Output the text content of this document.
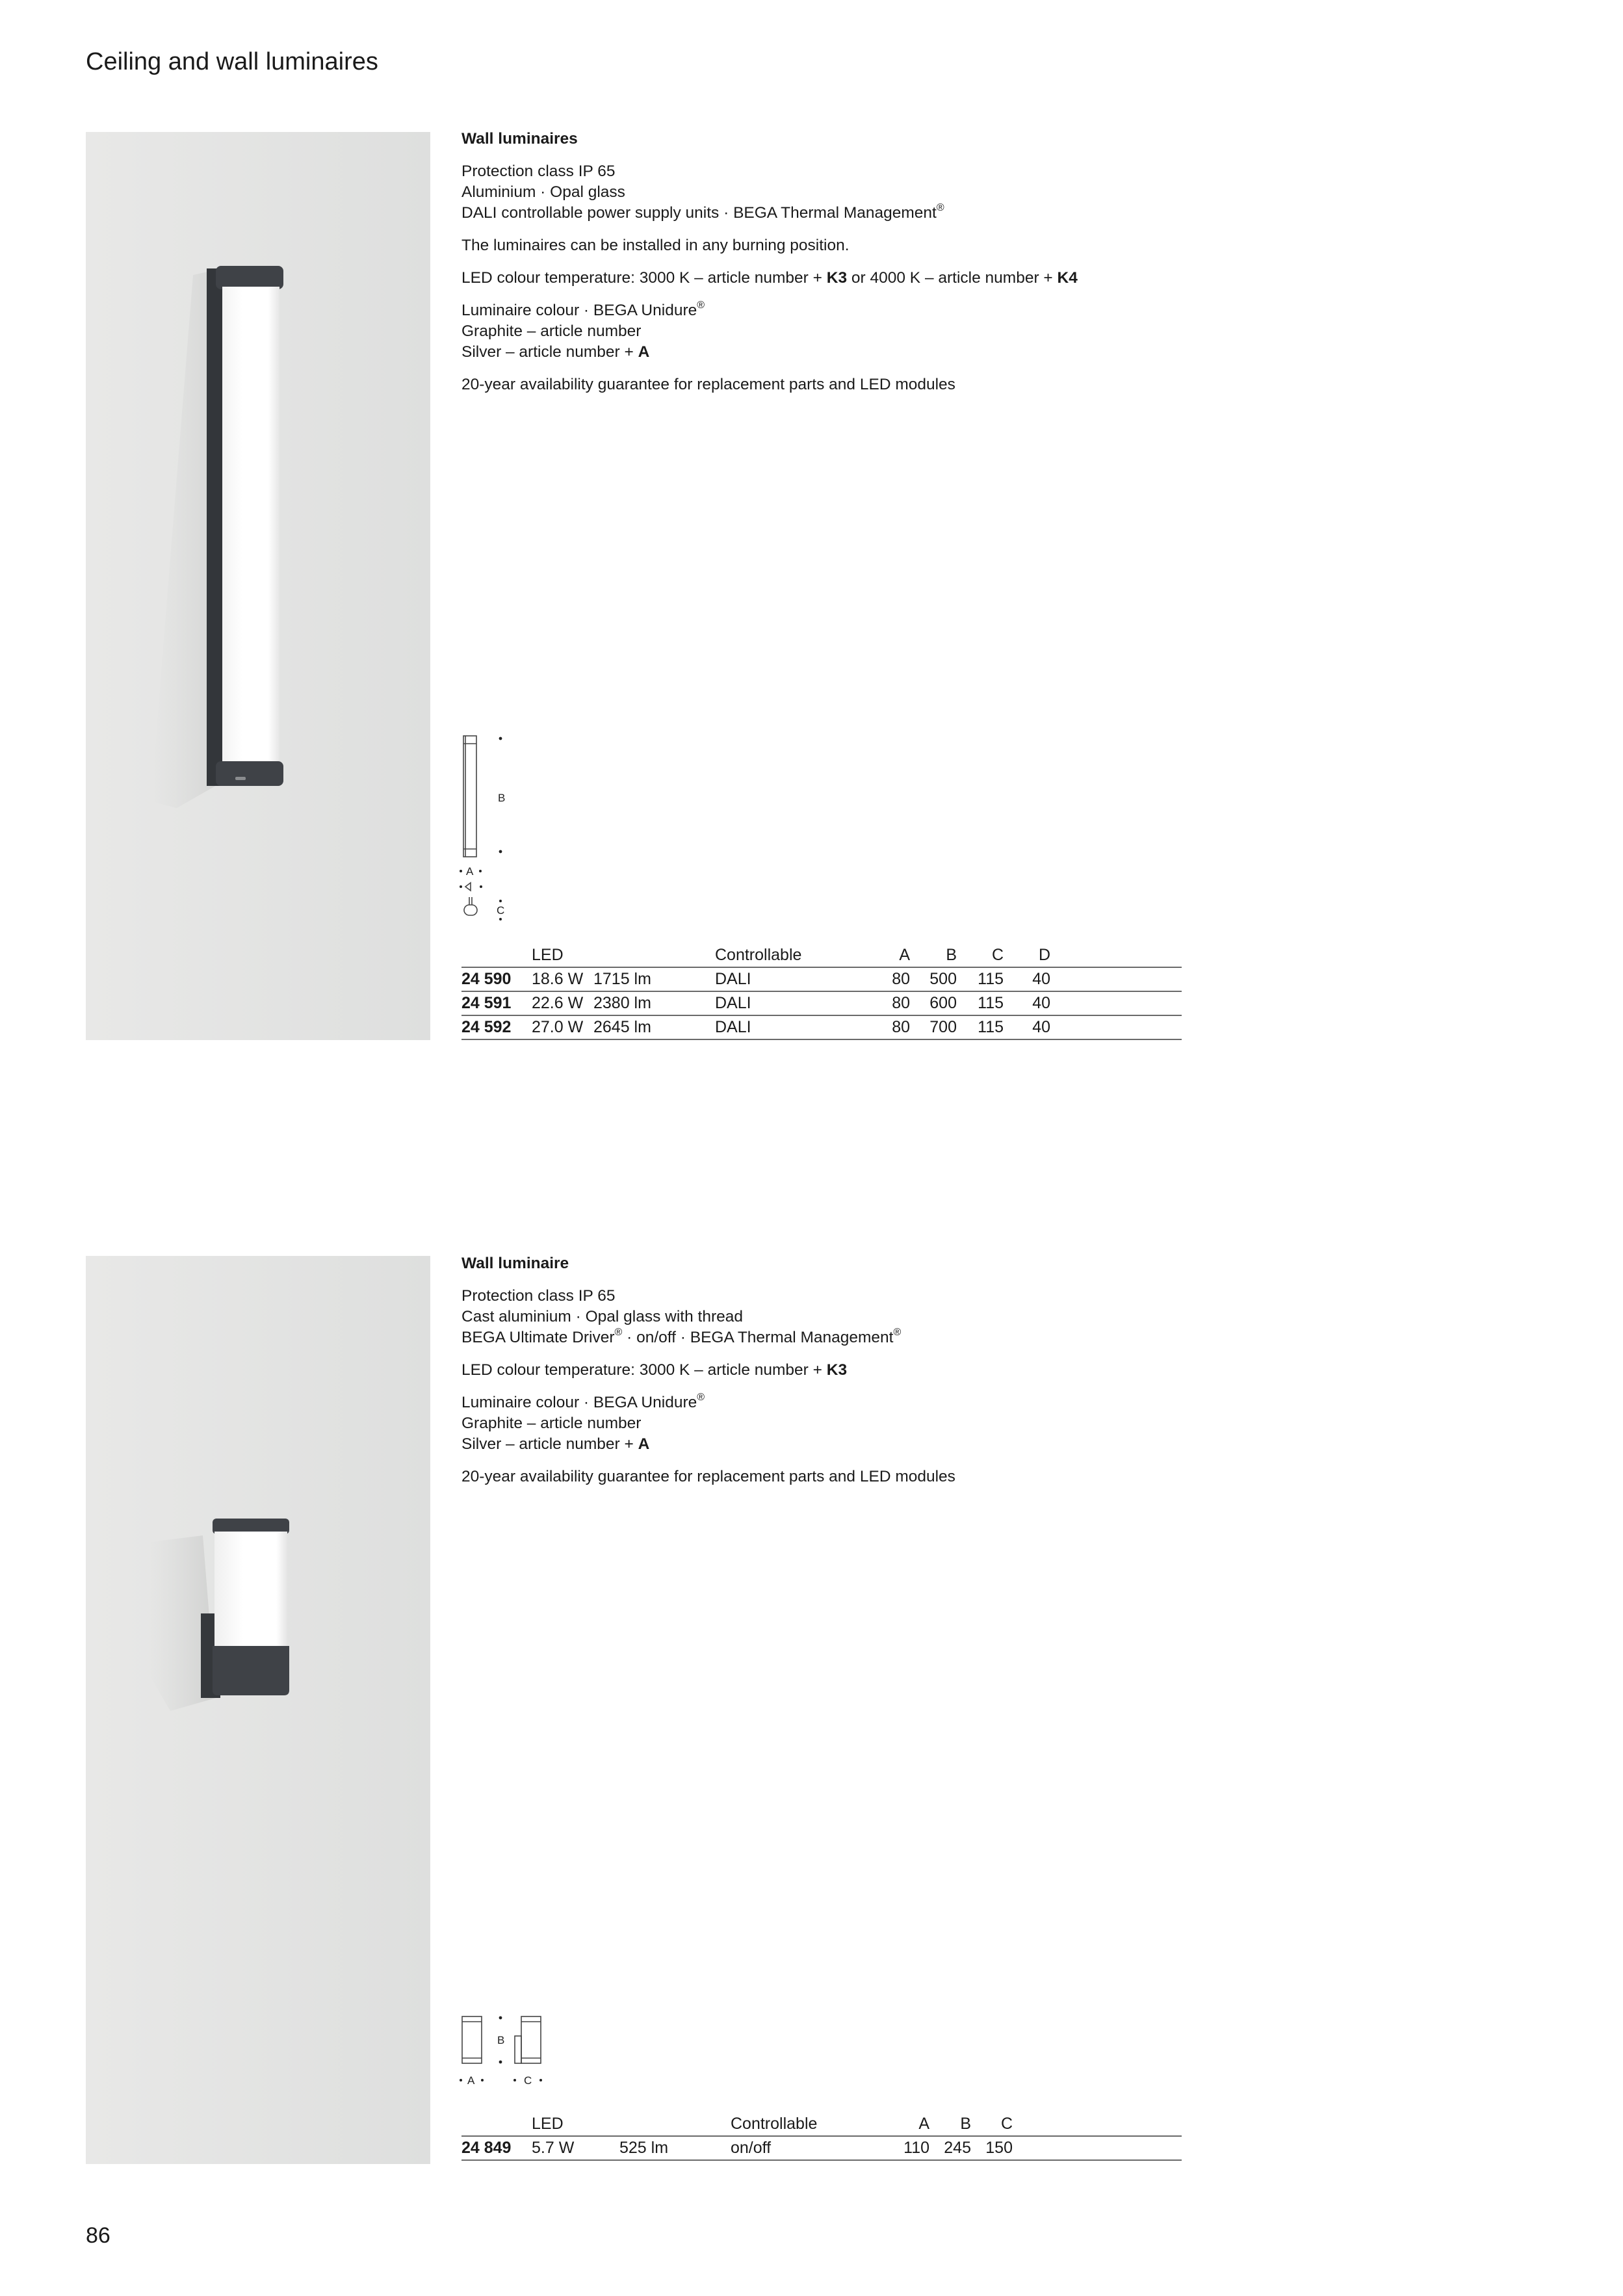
Ceiling and wall luminaires

Wall luminaires

Protection class IP 65
Aluminium · Opal glass
DALI controllable power supply units · BEGA Thermal Management®

The luminaires can be installed in any burning position.

LED colour temperature: 3000 K – article number + K3 or 4000 K – article number + K4

Luminaire colour · BEGA Unidure®
Graphite – article number
Silver – article number + A

20-year availability guarantee for replacement parts and LED modules

B
A
C
	LED		Controllable	A	B	C	D	
24 590	18.6 W	1715 lm	DALI	80	500	115	40	
24 591	22.6 W	2380 lm	DALI	80	600	115	40	
24 592	27.0 W	2645 lm	DALI	80	700	115	40	

Wall luminaire

Protection class IP 65
Cast aluminium · Opal glass with thread
BEGA Ultimate Driver® · on/off · BEGA Thermal Management®

LED colour temperature: 3000 K – article number + K3

Luminaire colour · BEGA Unidure®
Graphite – article number
Silver – article number + A

20-year availability guarantee for replacement parts and LED modules

B
A	C
	LED		Controllable	A	B	C	
24 849	5.7 W	525 lm	on/off	110	245	150	
86
